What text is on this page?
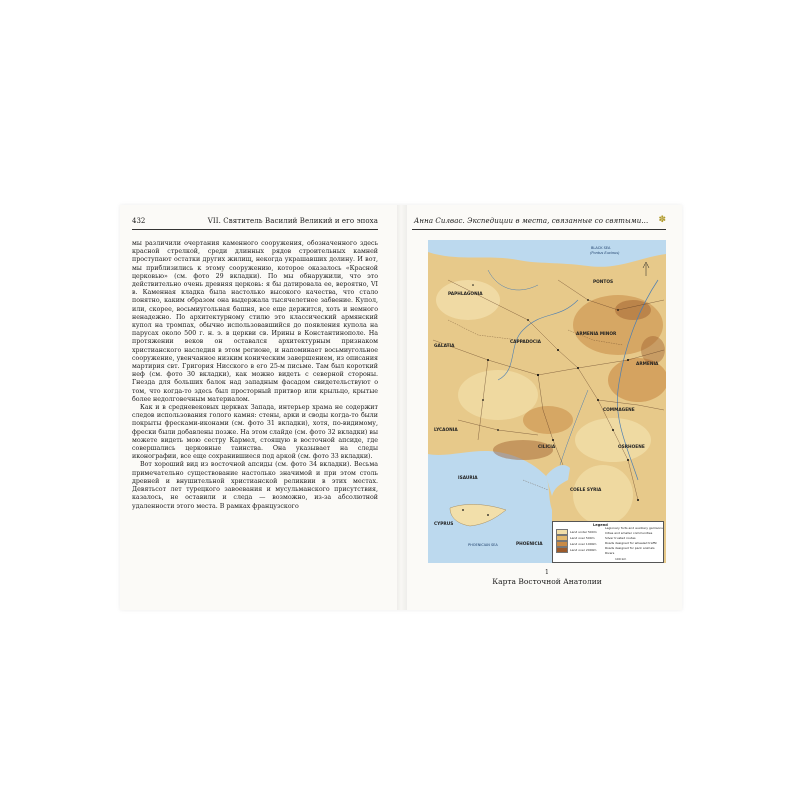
432	VII. Святитель Василий Великий и его эпоха

мы различили очертания каменного сооружения, обозначенного здесь красной стрелкой, среди длинных рядов строительных камней проступают остатки других жилищ, некогда украшавших долину. И вот, мы приблизились к этому сооружению, которое оказалось «Красной церковью» (см. фото 29 вкладки). По мы обнаружили, что это действительно очень древняя церковь: я бы датировала ее, вероятно, VI в. Каменная кладка была настолько высокого качества, что стало понятно, каким образом она выдержала тысячелетнее забвение. Купол, или, скорее, восьмиугольная башня, все еще держится, хоть и немного ненадежно. По архитектурному стилю это классический армянский купол на тромпах, обычно использовавшийся до появления купола на парусах около 500 г. н. э. в церкви св. Ирины в Константинополе. На протяжении веков он оставался архитектурным признаком христианского наследия в этом регионе, и напоминает восьмиугольное сооружение, увенчанное низким коническим завершением, из описания мартирия свт. Григория Нисского в его 25-м письме. Там был короткий неф (см. фото 30 вкладки), как можно видеть с северной стороны. Гнезда для больших балок над западным фасадом свидетельствуют о том, что когда-то здесь был просторный притвор или крыльцо, крытые более недолговечным материалом.

Как и в средневековых церквах Запада, интерьер храма не содержит следов использования голого камня: стены, арки и своды когда-то были покрыты фресками-иконами (см. фото 31 вкладки), хотя, по-видимому, фрески были добавлены позже. На этом слайде (см. фото 32 вкладки) вы можете видеть мою сестру Кармел, стоящую в восточной апсиде, где совершались церковные таинства. Она указывает на следы иконографии, все еще сохранившиеся под аркой (см. фото 33 вкладки).

Вот хороший вид из восточной апсиды (см. фото 34 вкладки). Весьма примечательно существование настолько значимой и при этом столь древней и внушительной христианской реликвии в этих местах. Девятьсот лет турецкого завоевания и мусульманского присутствия, казалось, не оставили и следа — возможно, из-за абсолютной удаленности этого места. В рамках французского

Анна Силвас. Экспедиции в места, связанные со святыми... ✽
BLACK SEA
(Pontus Euxinus)
PHOENICIAN SEA
PAPHLAGONIA
PONTOS
GALATIA
CAPPADOCIA
ARMENIA MINOR
ARMENIA
LYCAONIA
COMMAGENE
OSRHOENE
CILICIA
ISAURIA
COELE SYRIA
CYPRUS
PHOENICIA
Legend
Land under 500m
Land over 500m
Land over 1000m
Land over 2000m
Legionary forts and auxiliary garrisons
Cities and smaller communities
Silver trusted routes
Roads designed for wheeled traffic
Roads designed for pack animals
Rivers
100 km
1
Карта Восточной Анатолии
